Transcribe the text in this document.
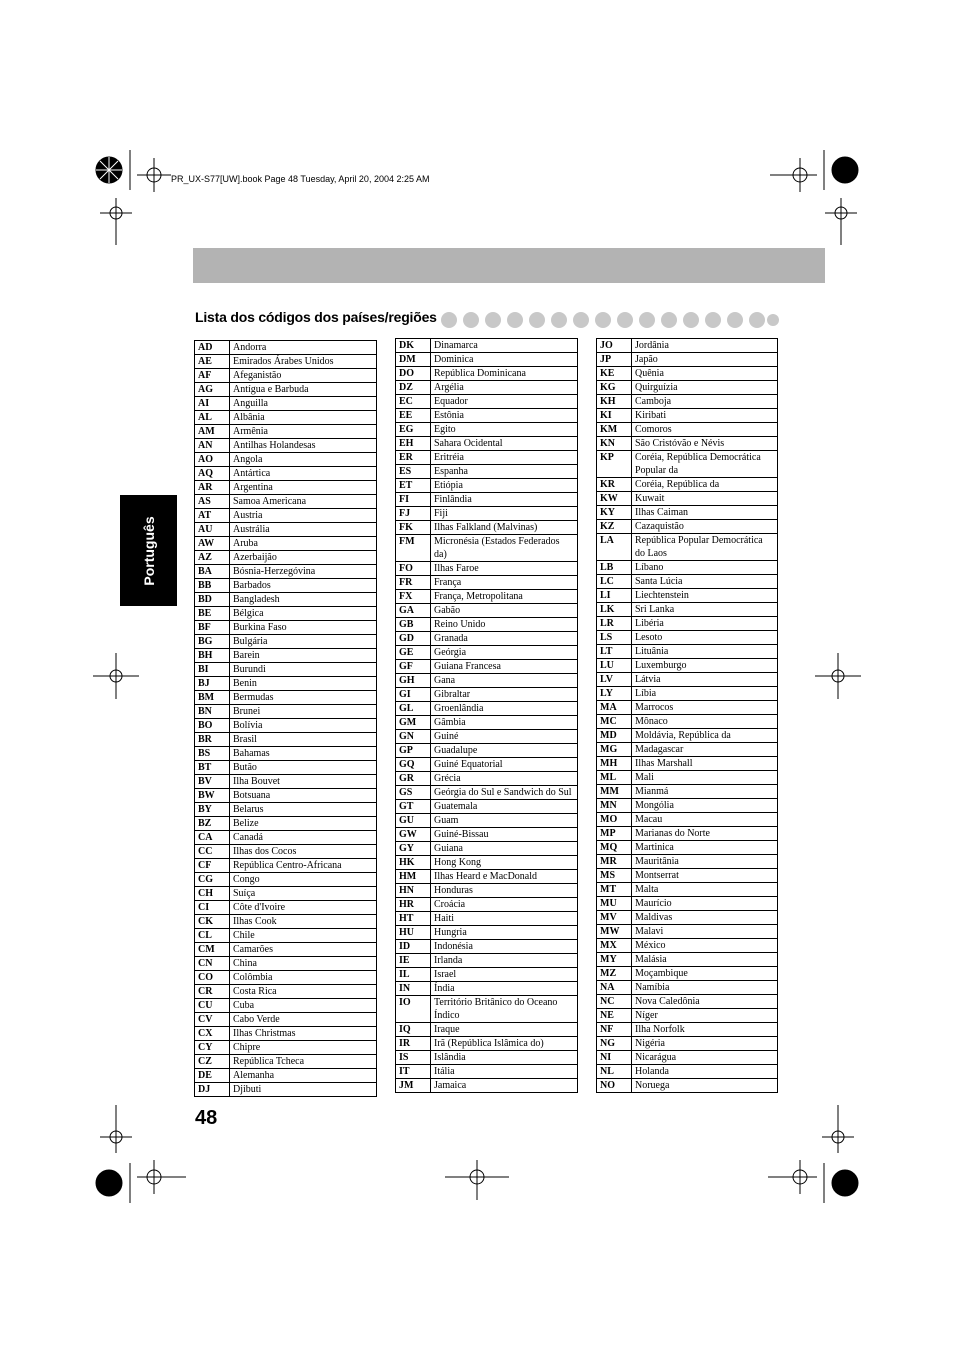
PR_UX-S77[UW].book Page 48 Tuesday, April 20, 2004 2:25 AM
Lista dos códigos dos países/regiões
Português
AD	Andorra
AE	Emirados Árabes Unidos
AF	Afeganistão
AG	Antígua e Barbuda
AI	Anguilla
AL	Albânia
AM	Armênia
AN	Antilhas Holandesas
AO	Angola
AQ	Antártica
AR	Argentina
AS	Samoa Americana
AT	Austria
AU	Austrália
AW	Aruba
AZ	Azerbaijão
BA	Bósnia-Herzegóvina
BB	Barbados
BD	Bangladesh
BE	Bélgica
BF	Burkina Faso
BG	Bulgária
BH	Barein
BI	Burundi
BJ	Benin
BM	Bermudas
BN	Brunei
BO	Bolívia
BR	Brasil
BS	Bahamas
BT	Butão
BV	Ilha Bouvet
BW	Botsuana
BY	Belarus
BZ	Belize
CA	Canadá
CC	Ilhas dos Cocos
CF	República Centro-Africana
CG	Congo
CH	Suíça
CI	Côte d'Ivoire
CK	Ilhas Cook
CL	Chile
CM	Camarões
CN	China
CO	Colômbia
CR	Costa Rica
CU	Cuba
CV	Cabo Verde
CX	Ilhas Christmas
CY	Chipre
CZ	República Tcheca
DE	Alemanha
DJ	Djibuti
DK	Dinamarca
DM	Dominica
DO	República Dominicana
DZ	Argélia
EC	Equador
EE	Estônia
EG	Egito
EH	Sahara Ocidental
ER	Eritréia
ES	Espanha
ET	Etiópia
FI	Finlândia
FJ	Fiji
FK	Ilhas Falkland (Malvinas)
FM	Micronésia (Estados Federados da)
FO	Ilhas Faroe
FR	França
FX	França, Metropolitana
GA	Gabão
GB	Reino Unido
GD	Granada
GE	Geórgia
GF	Guiana Francesa
GH	Gana
GI	Gibraltar
GL	Groenlândia
GM	Gâmbia
GN	Guiné
GP	Guadalupe
GQ	Guiné Equatorial
GR	Grécia
GS	Geórgia do Sul e Sandwich do Sul
GT	Guatemala
GU	Guam
GW	Guiné-Bissau
GY	Guiana
HK	Hong Kong
HM	Ilhas Heard e MacDonald
HN	Honduras
HR	Croácia
HT	Haiti
HU	Hungria
ID	Indonésia
IE	Irlanda
IL	Israel
IN	Índia
IO	Território Britânico do Oceano Índico
IQ	Iraque
IR	Irã (República Islâmica do)
IS	Islândia
IT	Itália
JM	Jamaica
JO	Jordânia
JP	Japão
KE	Quênia
KG	Quirguízia
KH	Camboja
KI	Kiribati
KM	Comoros
KN	São Cristóvão e Névis
KP	Coréia, República Democrática Popular da
KR	Coréia, República da
KW	Kuwait
KY	Ilhas Caiman
KZ	Cazaquistão
LA	República Popular Democrática do Laos
LB	Líbano
LC	Santa Lúcia
LI	Liechtenstein
LK	Sri Lanka
LR	Libéria
LS	Lesoto
LT	Lituânia
LU	Luxemburgo
LV	Látvia
LY	Líbia
MA	Marrocos
MC	Mônaco
MD	Moldávia, República da
MG	Madagascar
MH	Ilhas Marshall
ML	Mali
MM	Mianmá
MN	Mongólia
MO	Macau
MP	Marianas do Norte
MQ	Martinica
MR	Mauritânia
MS	Montserrat
MT	Malta
MU	Maurício
MV	Maldivas
MW	Malavi
MX	México
MY	Malásia
MZ	Moçambique
NA	Namíbia
NC	Nova Caledônia
NE	Níger
NF	Ilha Norfolk
NG	Nigéria
NI	Nicarágua
NL	Holanda
NO	Noruega
48
